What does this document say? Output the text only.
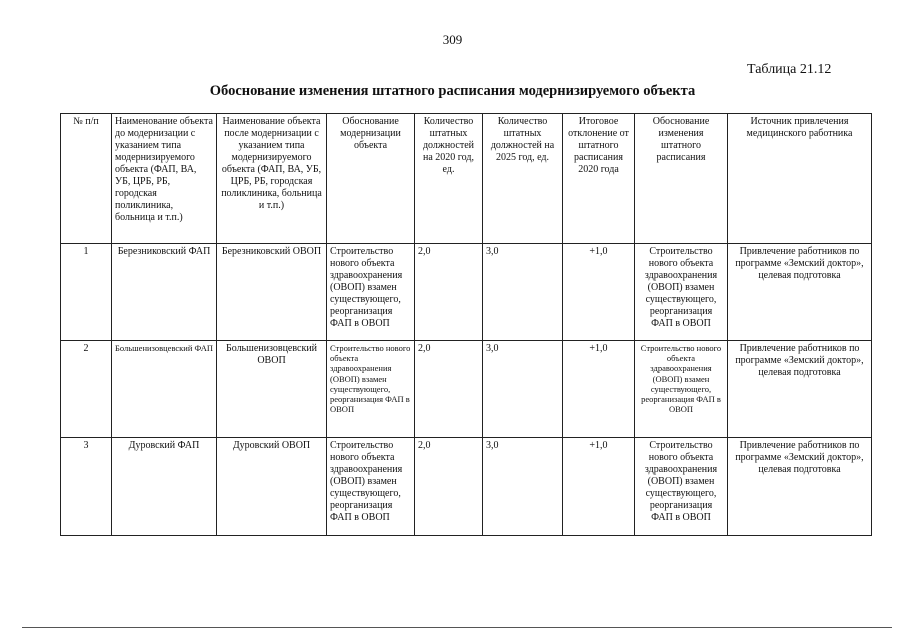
309
Таблица 21.12
Обоснование изменения штатного расписания модернизируемого объекта
№ п/п	Наименование объекта до модернизации с указанием типа модернизируемого объекта (ФАП, ВА, УБ, ЦРБ, РБ, городская поликлиника, больница и т.п.)	Наименование объекта после модернизации с указанием типа модернизируемого объекта (ФАП, ВА, УБ, ЦРБ, РБ, городская поликлиника, больница и т.п.)	Обоснование модернизации объекта	Количество штатных должностей на 2020 год, ед.	Количество штатных должностей на 2025 год, ед.	Итоговое отклонение от штатного расписания 2020 года	Обоснование изменения штатного расписания	Источник привлечения медицинского работника
1	Березниковский ФАП	Березниковский ОВОП	Строительство нового объекта здравоохранения (ОВОП) взамен существующего, реорганизация ФАП в ОВОП	2,0	3,0	+1,0	Строительство нового объекта здравоохранения (ОВОП) взамен существующего, реорганизация ФАП в ОВОП	Привлечение работников по программе «Земский доктор», целевая подготовка
2	Большенизовцевский ФАП	Большенизовцевский ОВОП	Строительство нового объекта здравоохранения (ОВОП) взамен существующего, реорганизация ФАП в ОВОП	2,0	3,0	+1,0	Строительство нового объекта здравоохранения (ОВОП) взамен существующего, реорганизация ФАП в ОВОП	Привлечение работников по программе «Земский доктор», целевая подготовка
3	Дуровский ФАП	Дуровский ОВОП	Строительство нового объекта здравоохранения (ОВОП) взамен существующего, реорганизация ФАП в ОВОП	2,0	3,0	+1,0	Строительство нового объекта здравоохранения (ОВОП) взамен существующего, реорганизация ФАП в ОВОП	Привлечение работников по программе «Земский доктор», целевая подготовка
